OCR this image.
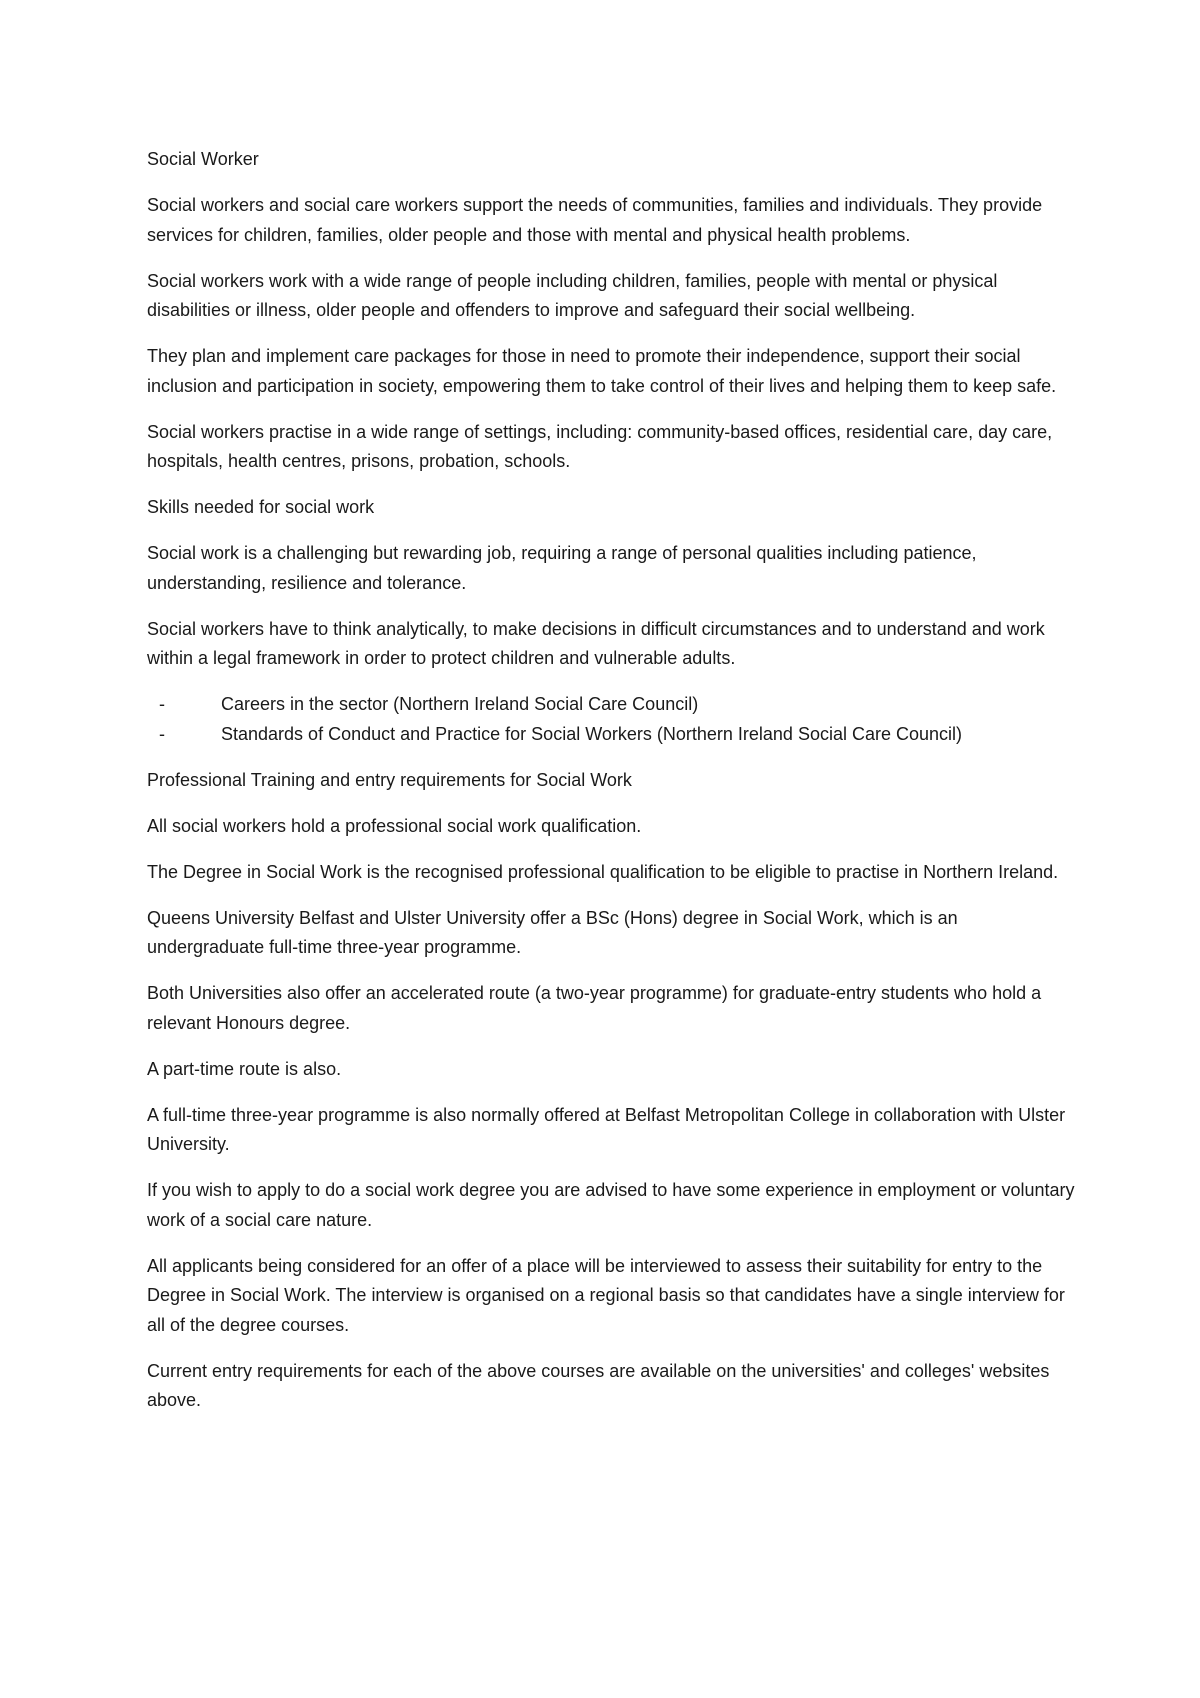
Social Worker

Social workers and social care workers support the needs of communities, families and individuals. They provide services for children, families, older people and those with mental and physical health problems.

Social workers work with a wide range of people including children, families, people with mental or physical disabilities or illness, older people and offenders to improve and safeguard their social wellbeing.

They plan and implement care packages for those in need to promote their independence, support their social inclusion and participation in society, empowering them to take control of their lives and helping them to keep safe.

Social workers practise in a wide range of settings, including: community-based offices, residential care, day care, hospitals, health centres, prisons, probation, schools.

Skills needed for social work

Social work is a challenging but rewarding job, requiring a range of personal qualities including patience, understanding, resilience and tolerance.

Social workers have to think analytically, to make decisions in difficult circumstances and to understand and work within a legal framework in order to protect children and vulnerable adults.

-	Careers in the sector (Northern Ireland Social Care Council)
-	Standards of Conduct and Practice for Social Workers (Northern Ireland Social Care Council)

Professional Training and entry requirements for Social Work

All social workers hold a professional social work qualification.

The Degree in Social Work is the recognised professional qualification to be eligible to practise in Northern Ireland.

Queens University Belfast and Ulster University offer a BSc (Hons) degree in Social Work, which is an undergraduate full-time three-year programme.

Both Universities also offer an accelerated route (a two-year programme) for graduate-entry students who hold a relevant Honours degree.

A part-time route is also.

A full-time three-year programme is also normally offered at Belfast Metropolitan College in collaboration with Ulster University.

If you wish to apply to do a social work degree you are advised to have some experience in employment or voluntary work of a social care nature.

All applicants being considered for an offer of a place will be interviewed to assess their suitability for entry to the Degree in Social Work. The interview is organised on a regional basis so that candidates have a single interview for all of the degree courses.

Current entry requirements for each of the above courses are available on the universities' and colleges' websites above.
